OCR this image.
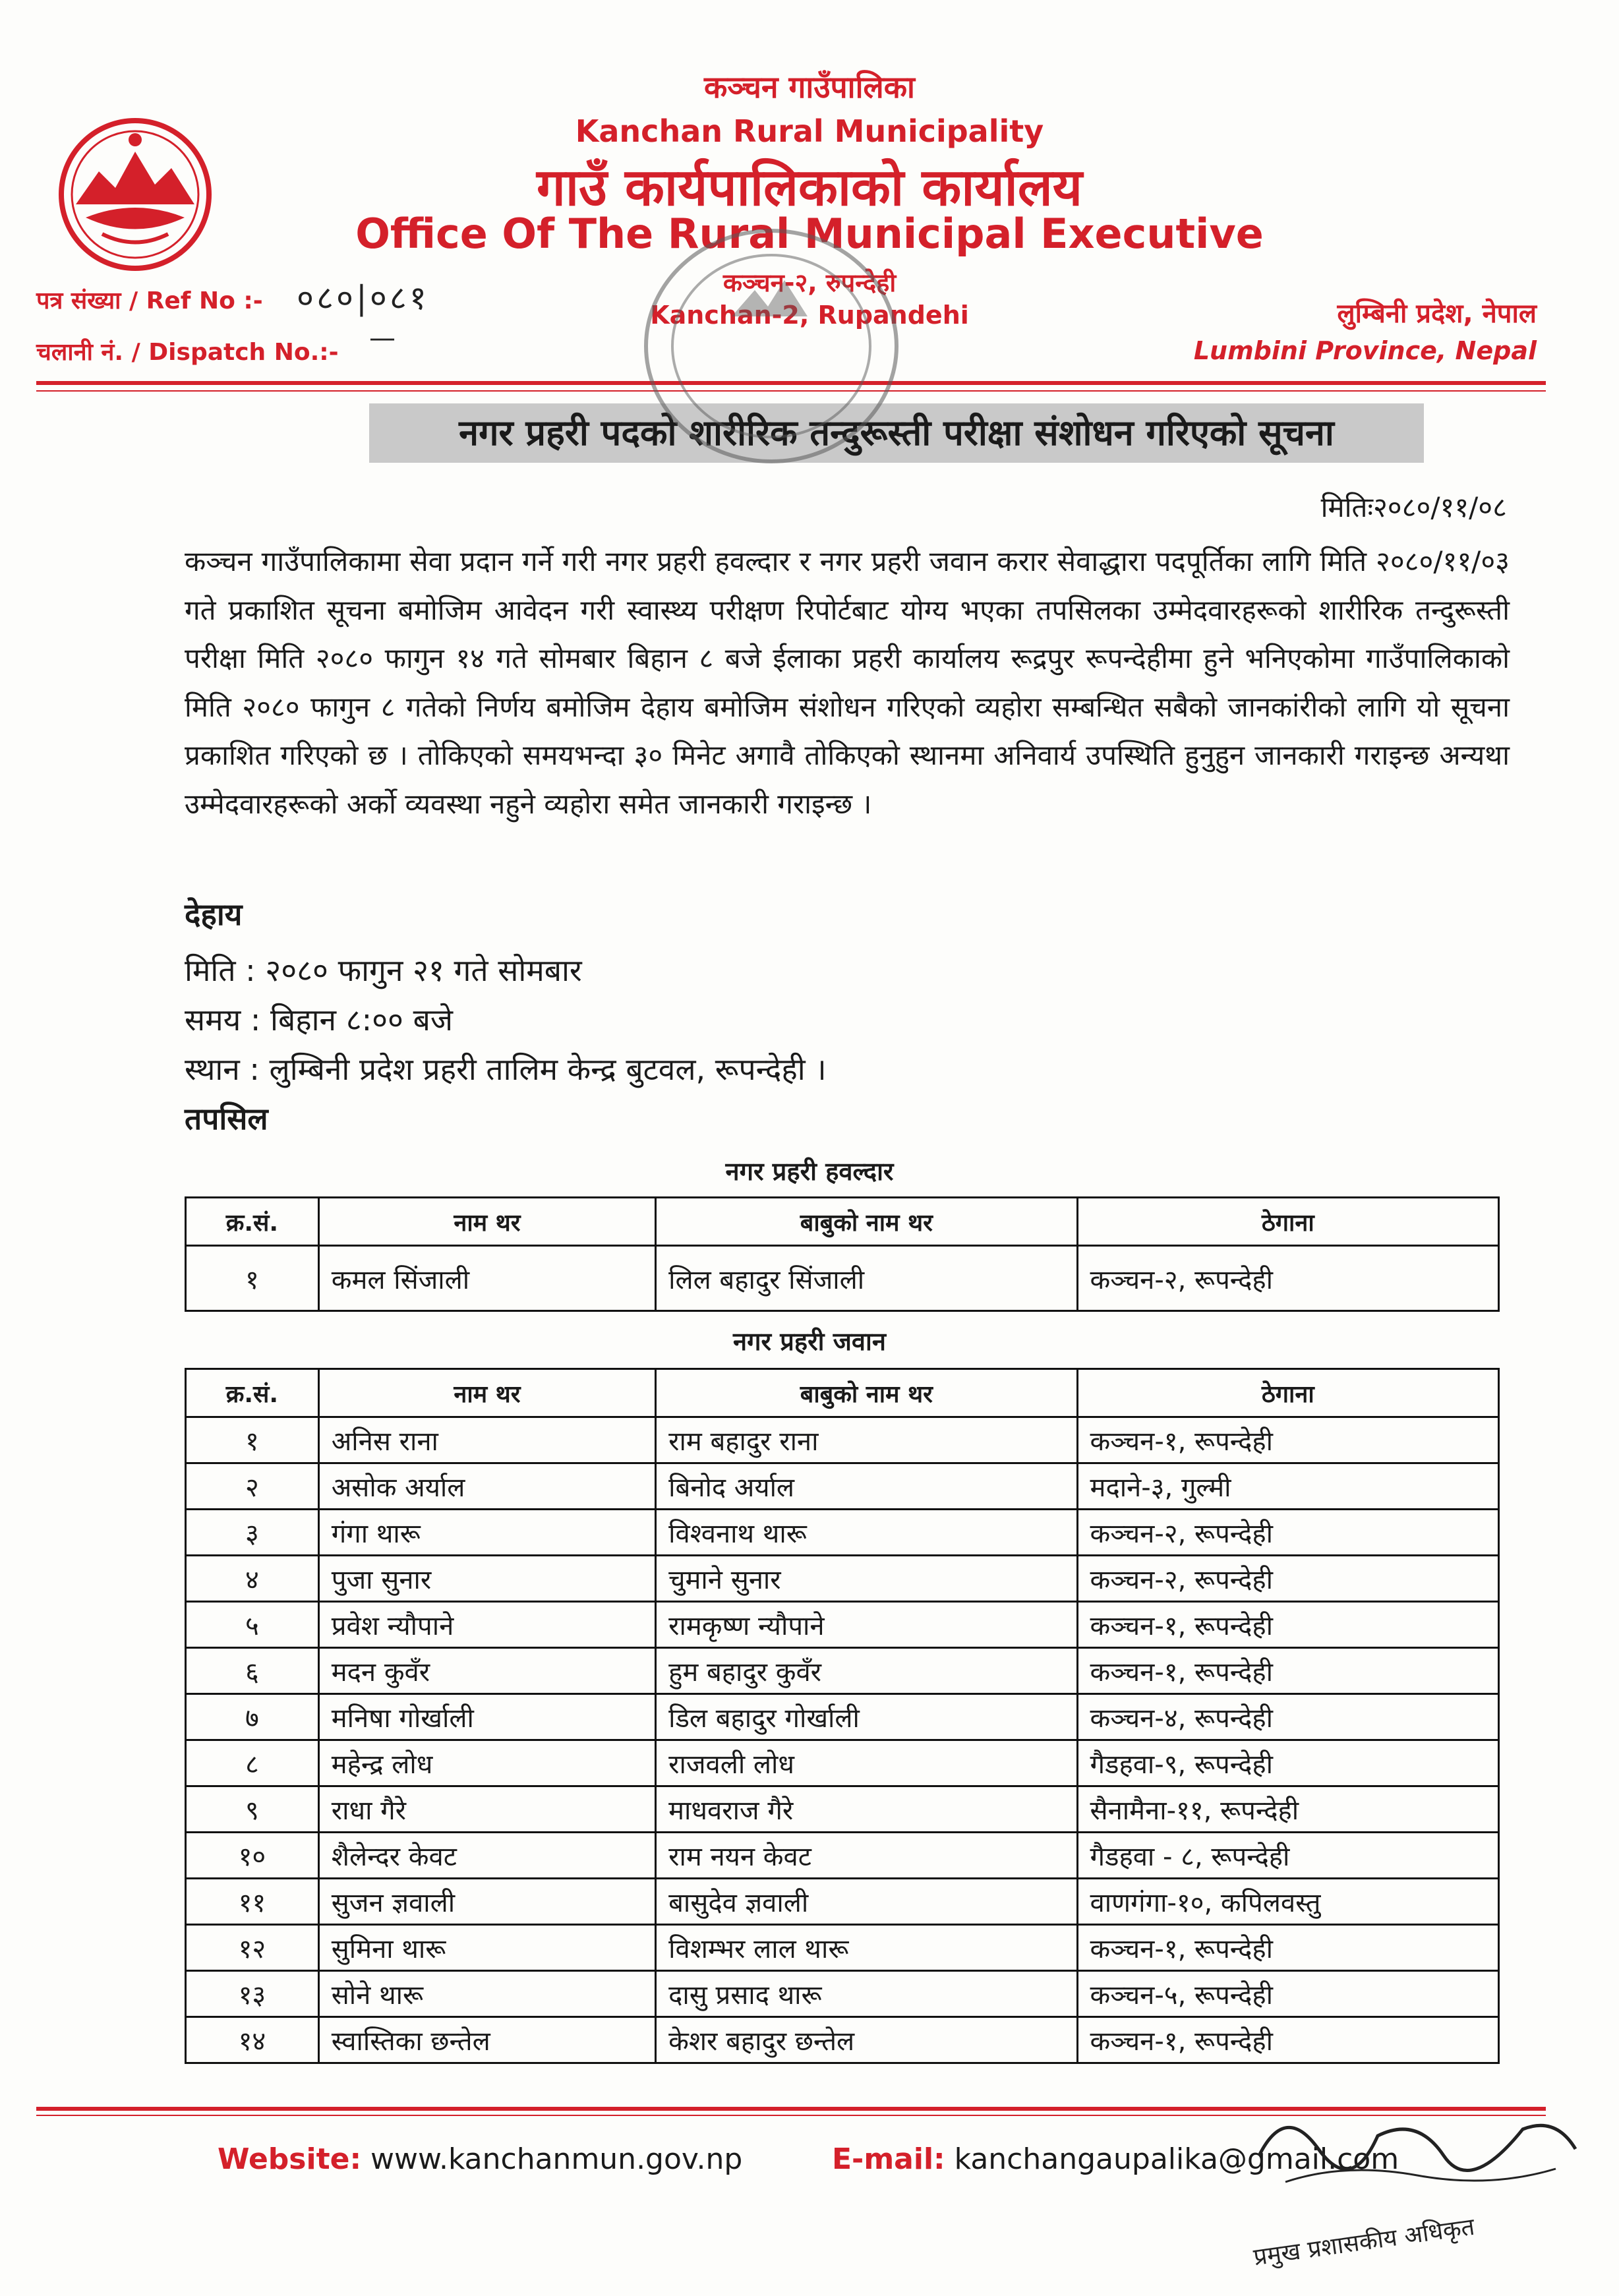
कञ्चन गाउँपालिका
Kanchan Rural Municipality
गाउँ कार्यपालिकाको कार्यालय
Office Of The Rural Municipal Executive
कञ्चन-२, रुपन्देही
Kanchan-2, Rupandehi
पत्र संख्या / Ref No :- ०८०|०८१
चलानी नं. / Dispatch No.:- —
लुम्बिनी प्रदेश, नेपाल
Lumbini Province, Nepal
नगर प्रहरी पदको शारीरिक तन्दुरूस्ती परीक्षा संशोधन गरिएको सूचना
मितिः२०८०/११/०८
कञ्चन गाउँपालिकामा सेवा प्रदान गर्ने गरी नगर प्रहरी हवल्दार र नगर प्रहरी जवान करार सेवाद्धारा पदपूर्तिका लागि मिति २०८०/११/०३ गते प्रकाशित सूचना बमोजिम आवेदन गरी स्वास्थ्य परीक्षण रिपोर्टबाट योग्य भएका तपसिलका उम्मेदवारहरूको शारीरिक तन्दुरूस्ती परीक्षा मिति २०८० फागुन १४ गते सोमबार बिहान ८ बजे ईलाका प्रहरी कार्यालय रूद्रपुर रूपन्देहीमा हुने भनिएकोमा गाउँपालिकाको मिति २०८० फागुन ८ गतेको निर्णय बमोजिम देहाय बमोजिम संशोधन गरिएको व्यहोरा सम्बन्धित सबैको जानकांरीको लागि यो सूचना प्रकाशित गरिएको छ । तोकिएको समयभन्दा ३० मिनेट अगावै तोकिएको स्थानमा अनिवार्य उपस्थिति हुनुहुन जानकारी गराइन्छ अन्यथा उम्मेदवारहरूको अर्को व्यवस्था नहुने व्यहोरा समेत जानकारी गराइन्छ ।
देहाय
मिति : २०८० फागुन २१ गते सोमबार
समय : बिहान ८:०० बजे
स्थान : लुम्बिनी प्रदेश प्रहरी तालिम केन्द्र बुटवल, रूपन्देही ।
तपसिल
नगर प्रहरी हवल्दार
क्र.सं.	नाम थर	बाबुको नाम थर	ठेगाना
१	कमल सिंजाली	लिल बहादुर सिंजाली	कञ्चन-२, रूपन्देही
नगर प्रहरी जवान
क्र.सं.	नाम थर	बाबुको नाम थर	ठेगाना
१	अनिस राना	राम बहादुर राना	कञ्चन-१, रूपन्देही
२	असोक अर्याल	बिनोद अर्याल	मदाने-३, गुल्मी
३	गंगा थारू	विश्वनाथ थारू	कञ्चन-२, रूपन्देही
४	पुजा सुनार	चुमाने सुनार	कञ्चन-२, रूपन्देही
५	प्रवेश न्यौपाने	रामकृष्ण न्यौपाने	कञ्चन-१, रूपन्देही
६	मदन कुवँर	हुम बहादुर कुवँर	कञ्चन-१, रूपन्देही
७	मनिषा गोर्खाली	डिल बहादुर गोर्खाली	कञ्चन-४, रूपन्देही
८	महेन्द्र लोध	राजवली लोध	गैडहवा-९, रूपन्देही
९	राधा गैरे	माधवराज गैरे	सैनामैना-११, रूपन्देही
१०	शैलेन्दर केवट	राम नयन केवट	गैडहवा - ८, रूपन्देही
११	सुजन ज्ञवाली	बासुदेव ज्ञवाली	वाणगंगा-१०, कपिलवस्तु
१२	सुमिना थारू	विशम्भर लाल थारू	कञ्चन-१, रूपन्देही
१३	सोने थारू	दासु प्रसाद थारू	कञ्चन-५, रूपन्देही
१४	स्वास्तिका छन्तेल	केशर बहादुर छन्तेल	कञ्चन-१, रूपन्देही
Website: www.kanchanmun.gov.np	E-mail: kanchangaupalika@gmail.com
प्रमुख प्रशासकीय अधिकृत
